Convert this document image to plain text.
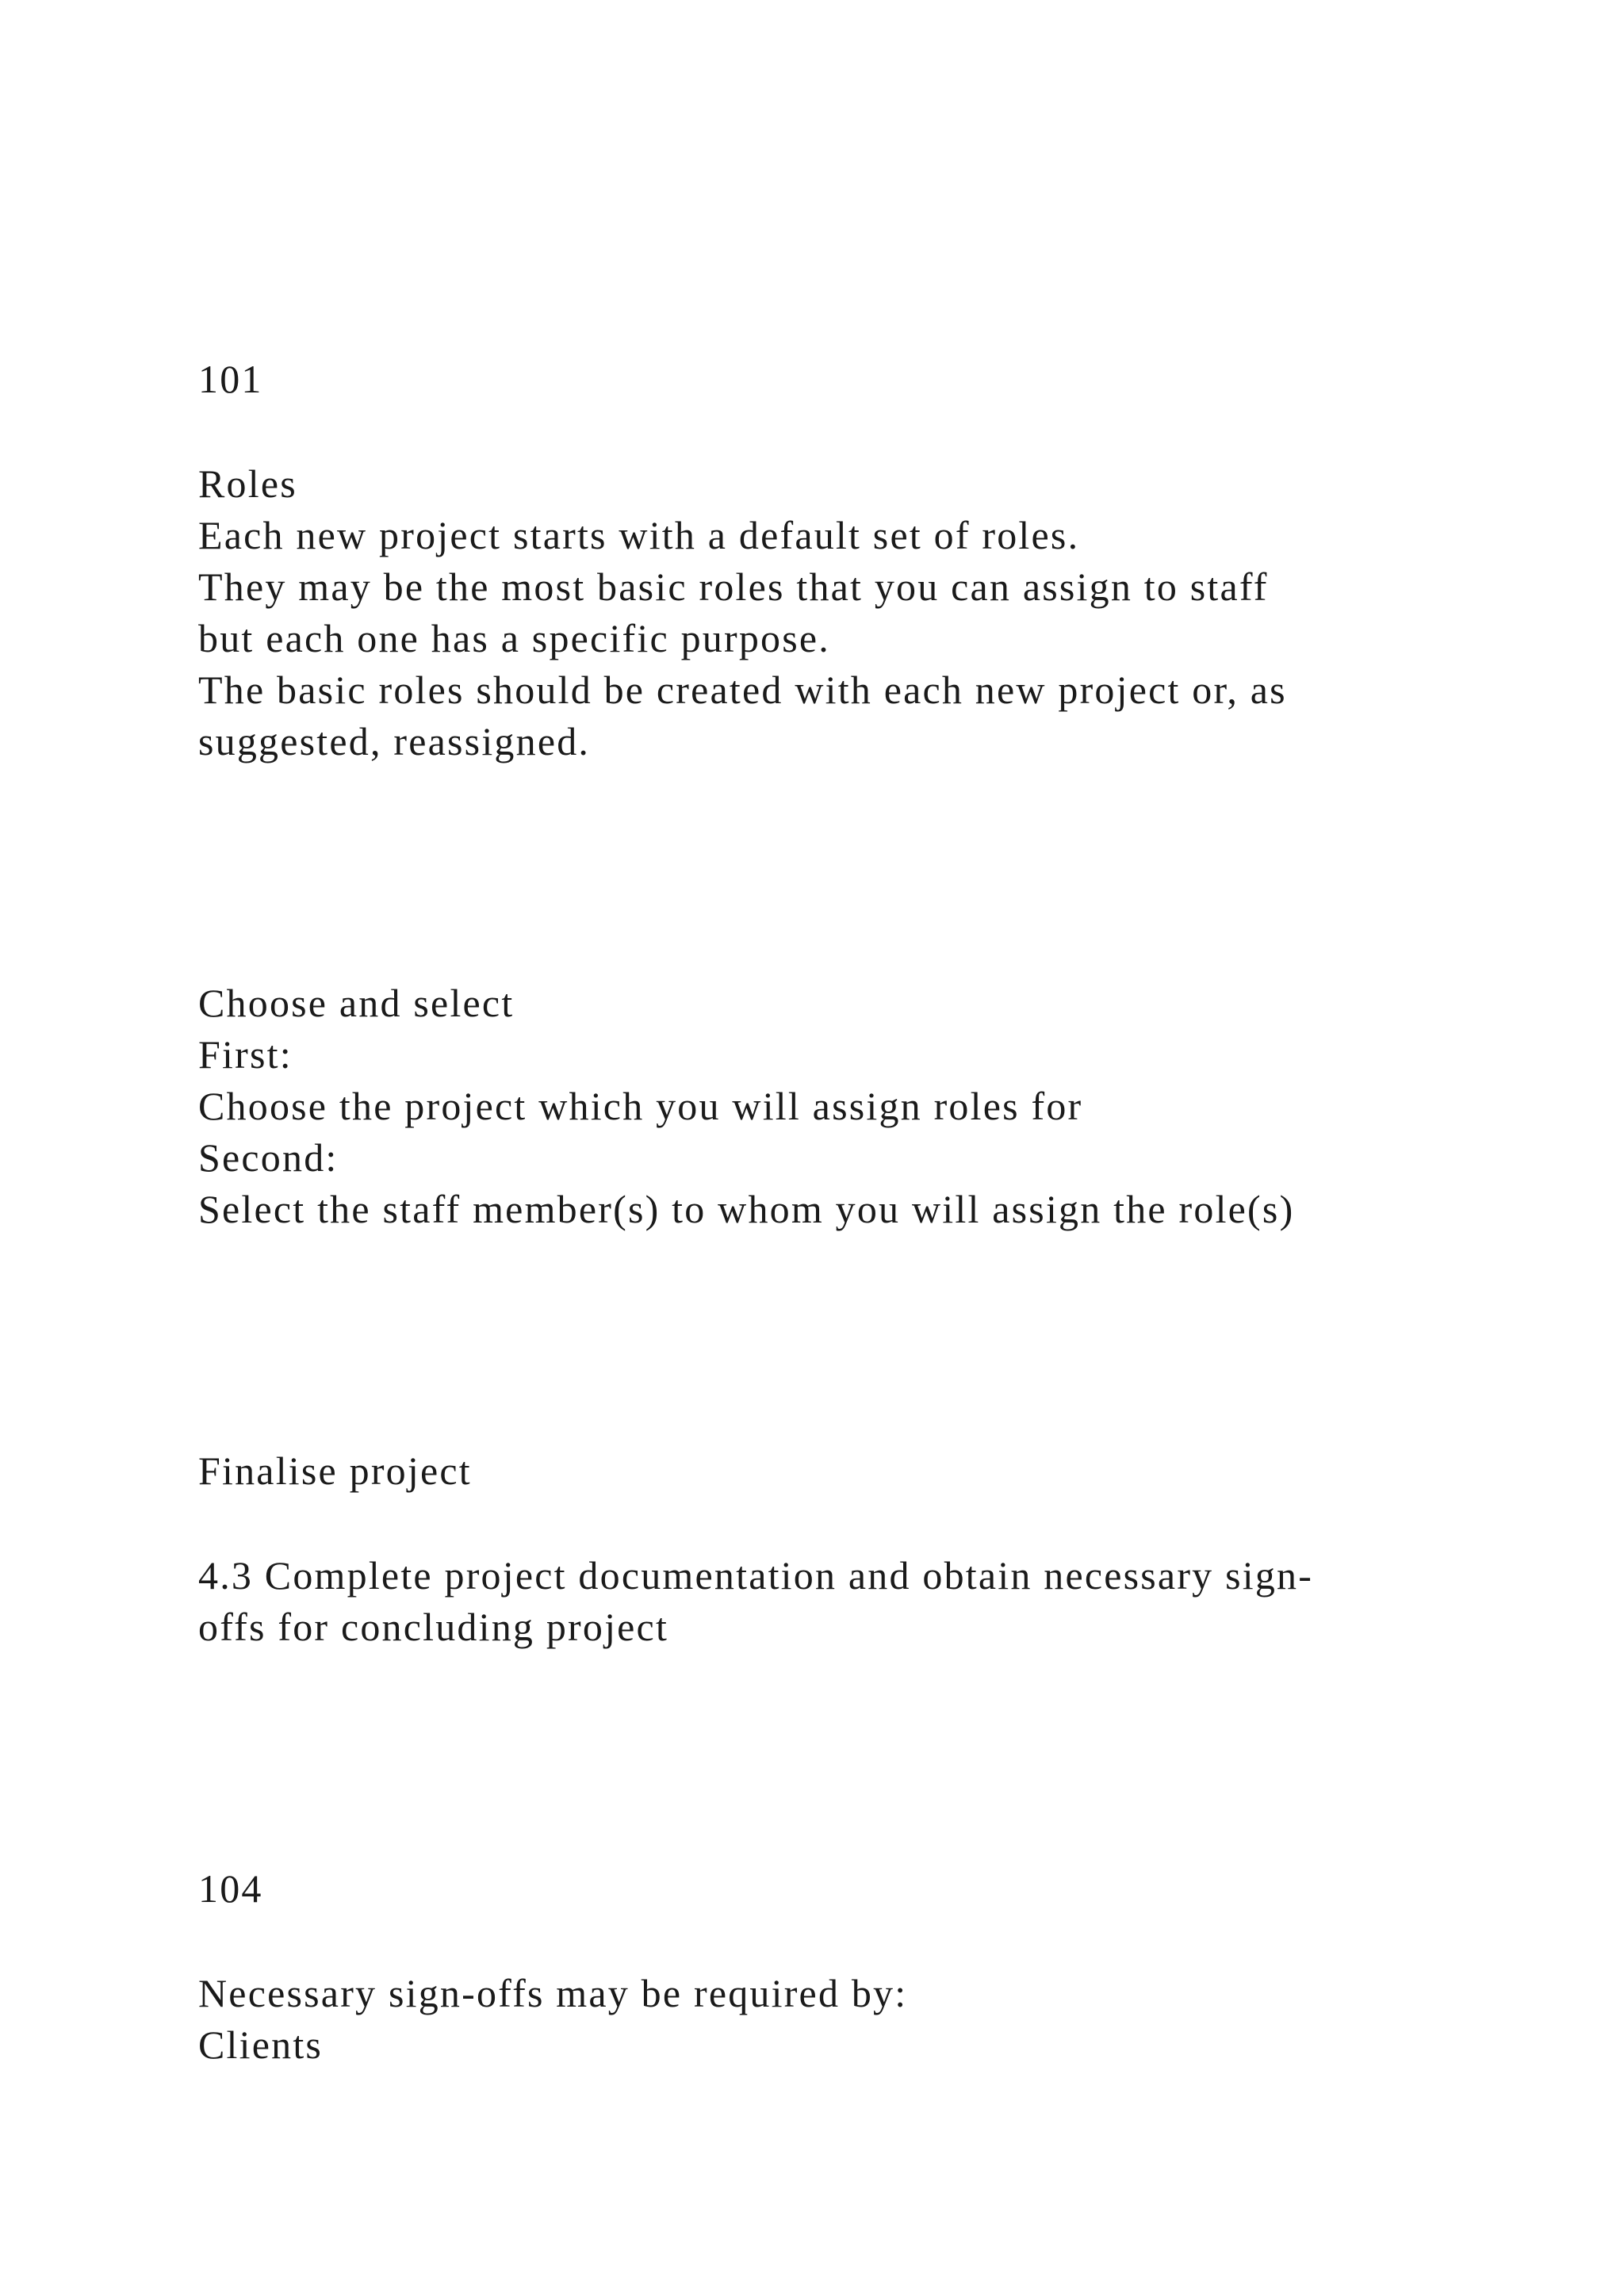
101

Roles

Each new project starts with a default set of roles.

They may be the most basic roles that you can assign to staff

but each one has a specific purpose.

The basic roles should be created with each new project or, as

suggested, reassigned.

Choose and select

First:

Choose the project which you will assign roles for

Second:

Select the staff member(s) to whom you will assign the role(s)

Finalise project

4.3 Complete project documentation and obtain necessary sign-

offs for concluding project

104

Necessary sign-offs may be required by:

Clients
